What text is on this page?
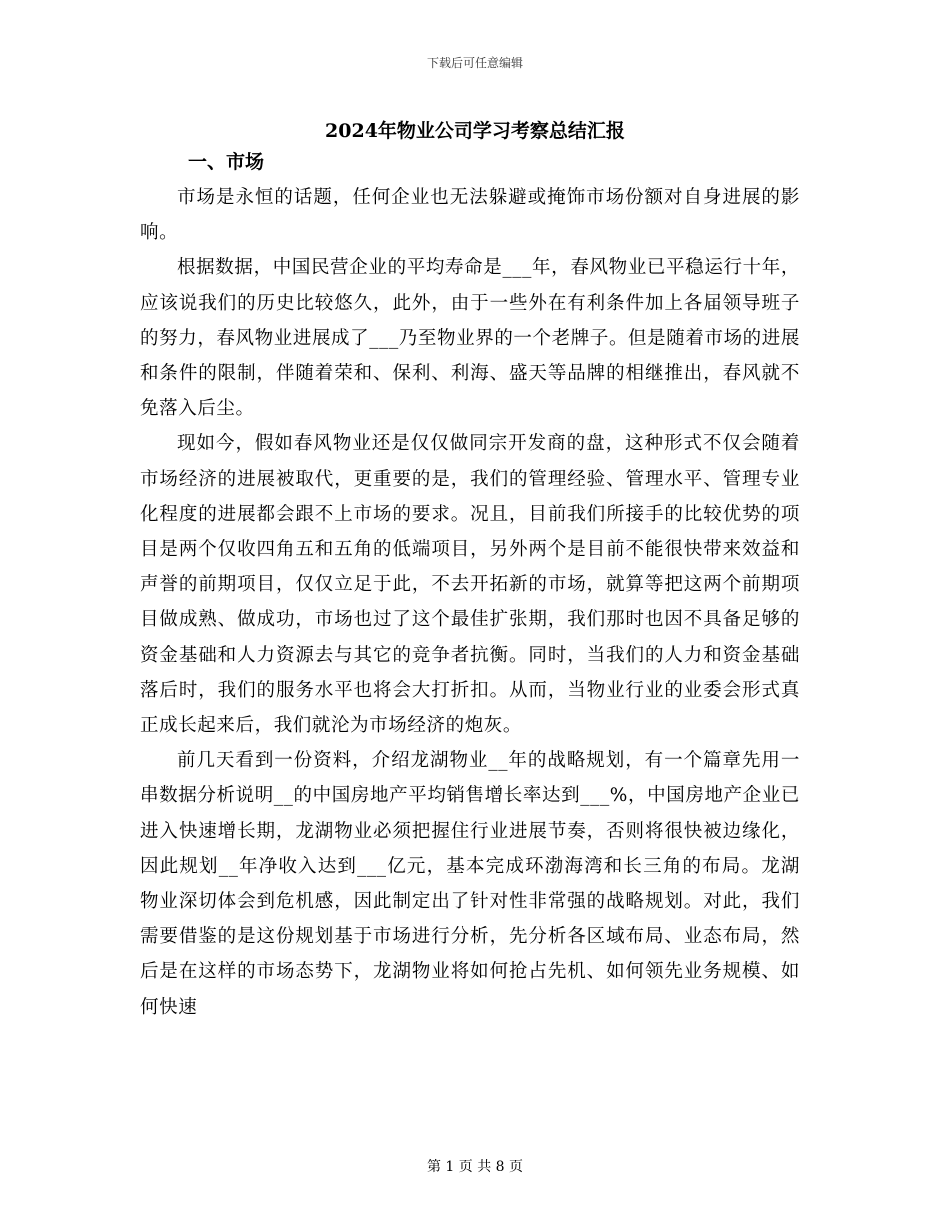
下载后可任意编辑
2024年物业公司学习考察总结汇报

一、市场

市场是永恒的话题，任何企业也无法躲避或掩饰市场份额对自身进展的影响。

根据数据，中国民营企业的平均寿命是___年，春风物业已平稳运行十年，应该说我们的历史比较悠久，此外，由于一些外在有利条件加上各届领导班子的努力，春风物业进展成了___乃至物业界的一个老牌子。但是随着市场的进展和条件的限制，伴随着荣和、保利、利海、盛天等品牌的相继推出，春风就不免落入后尘。

现如今，假如春风物业还是仅仅做同宗开发商的盘，这种形式不仅会随着市场经济的进展被取代，更重要的是，我们的管理经验、管理水平、管理专业化程度的进展都会跟不上市场的要求。况且，目前我们所接手的比较优势的项目是两个仅收四角五和五角的低端项目，另外两个是目前不能很快带来效益和声誉的前期项目，仅仅立足于此，不去开拓新的市场，就算等把这两个前期项目做成熟、做成功，市场也过了这个最佳扩张期，我们那时也因不具备足够的资金基础和人力资源去与其它的竞争者抗衡。同时，当我们的人力和资金基础落后时，我们的服务水平也将会大打折扣。从而，当物业行业的业委会形式真正成长起来后，我们就沦为市场经济的炮灰。

前几天看到一份资料，介绍龙湖物业__年的战略规划，有一个篇章先用一串数据分析说明__的中国房地产平均销售增长率达到___%，中国房地产企业已进入快速增长期，龙湖物业必须把握住行业进展节奏，否则将很快被边缘化，因此规划__年净收入达到___亿元，基本完成环渤海湾和长三角的布局。龙湖物业深切体会到危机感，因此制定出了针对性非常强的战略规划。对此，我们需要借鉴的是这份规划基于市场进行分析，先分析各区域布局、业态布局，然后是在这样的市场态势下，龙湖物业将如何抢占先机、如何领先业务规模、如何快速

第 1 页 共 8 页
